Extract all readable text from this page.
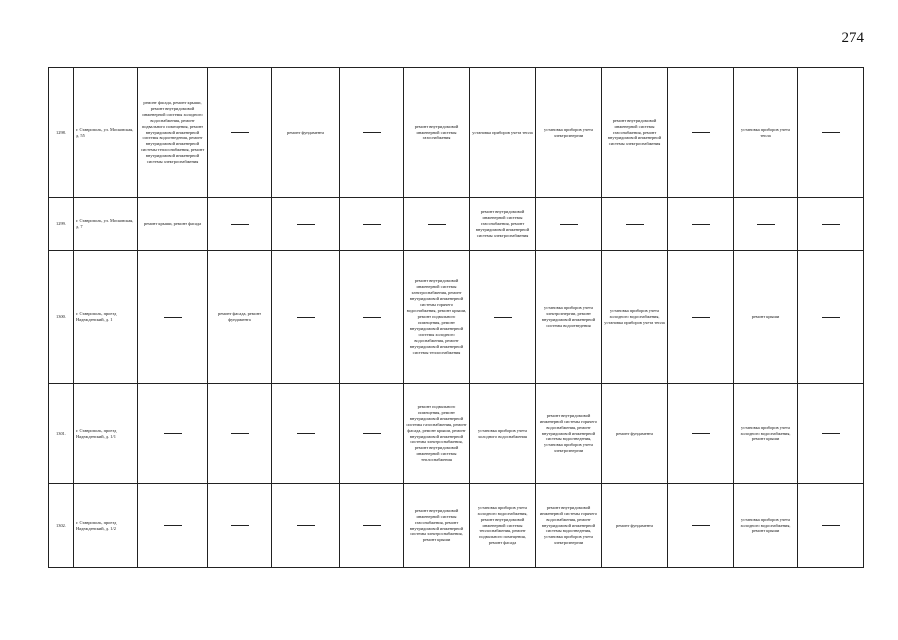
274
1298.	г. Ставрополь, ул. Московская, д. 55	ремонт фасада, ремонт крыши, ремонт внутридомовой инженерной системы холодного водоснабжения, ремонт подвального помещения, ремонт внутридомовой инженерной системы водоотведения, ремонт внутридомовой инженерной системы теплоснабжения, ремонт внутридомовой инженерной системы электроснабжения		ремонт фундамента		ремонт внутридомовой инженерной системы газоснабжения	установка приборов учета тепла	установка приборов учета электроэнергии	ремонт внутридомовой инженерной системы газоснабжения, ремонт внутридомовой инженерной системы электроснабжения		установка приборов учета тепла	
1299.	г. Ставрополь, ул. Московская, д. 7	ремонт крыши, ремонт фасада					ремонт внутридомовой инженерной системы газоснабжения, ремонт внутридомовой инженерной системы электроснабжения					
1300.	г. Ставрополь, проезд Надежденский, д. 1		ремонт фасада, ремонт фундамента			ремонт внутридомовой инженерной системы электроснабжения, ремонт внутридомовой инженерной системы горячего водоснабжения, ремонт крыши, ремонт подвального помещения, ремонт внутридомовой инженерной системы холодного водоснабжения, ремонт внутридомовой инженерной системы теплоснабжения		установка приборов учета электроэнергии, ремонт внутридомовой инженерной системы водоотведения	установка приборов учета холодного водоснабжения, установка приборов учета тепла		ремонт крыши	
1301.	г. Ставрополь, проезд Надежденский, д. 1/1					ремонт подвального помещения, ремонт внутридомовой инженерной системы газоснабжения, ремонт фасада, ремонт крыши, ремонт внутридомовой инженерной системы электроснабжения, ремонт внутридомовой инженерной системы теплоснабжения	установка приборов учета холодного водоснабжения	ремонт внутридомовой инженерной системы горячего водоснабжения, ремонт внутридомовой инженерной системы водоотведения, установка приборов учета электроэнергии	ремонт фундамента		установка приборов учета холодного водоснабжения, ремонт крыши	
1302.	г. Ставрополь, проезд Надежденский, д. 1/2					ремонт внутридомовой инженерной системы газоснабжения, ремонт внутридомовой инженерной системы электроснабжения, ремонт крыши	установка приборов учета холодного водоснабжения, ремонт внутридомовой инженерной системы теплоснабжения, ремонт подвального помещения, ремонт фасада	ремонт внутридомовой инженерной системы горячего водоснабжения, ремонт внутридомовой инженерной системы водоотведения, установка приборов учета электроэнергии	ремонт фундамента		установка приборов учета холодного водоснабжения, ремонт крыши	
